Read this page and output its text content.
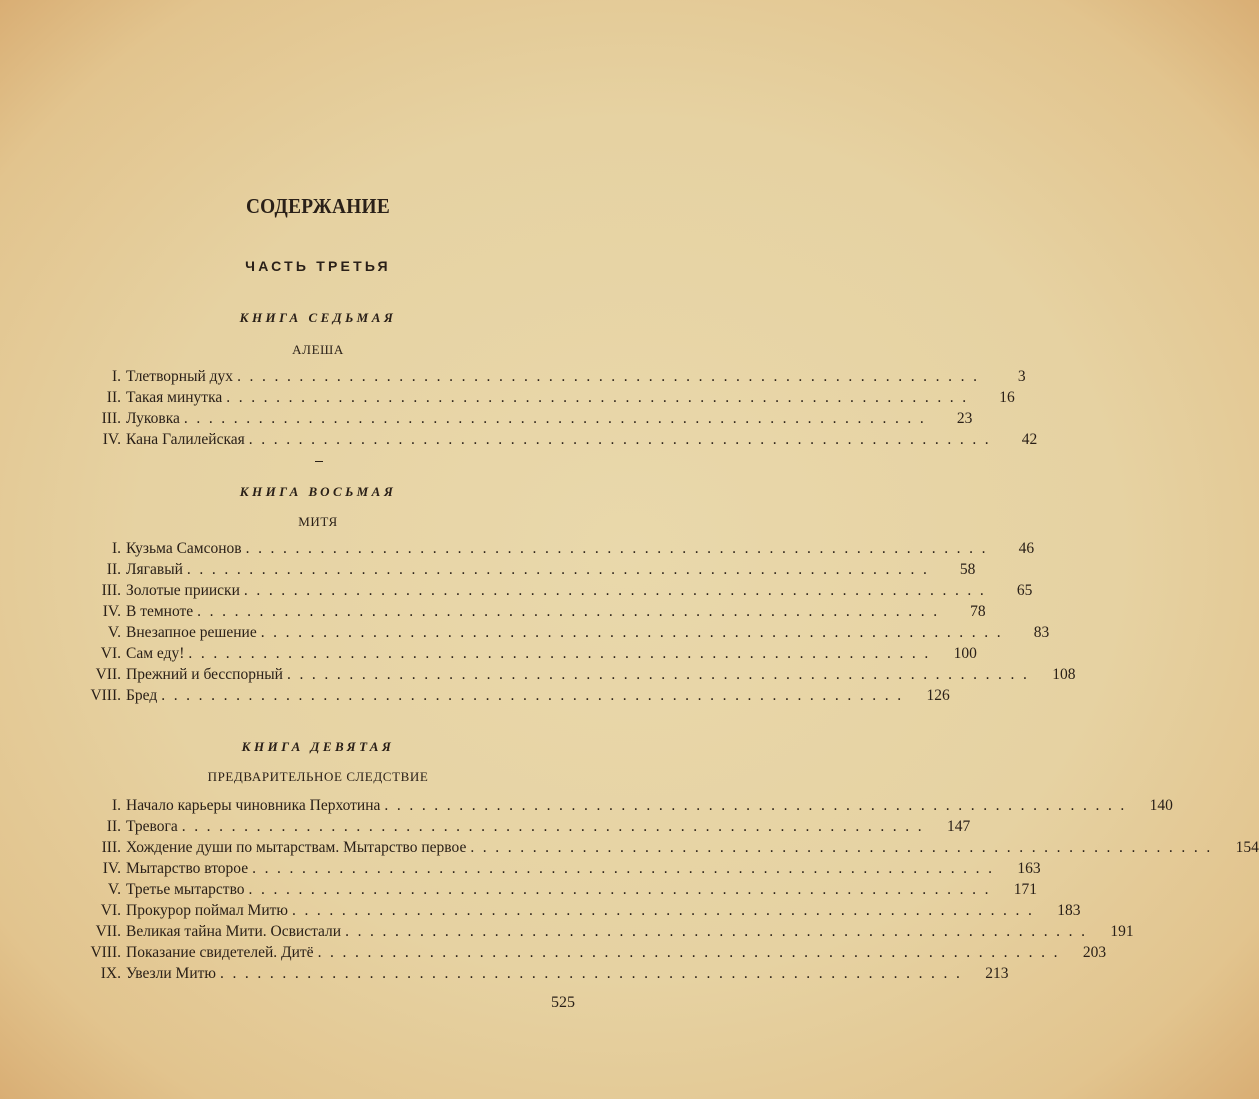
СОДЕРЖАНИЕ
ЧАСТЬ ТРЕТЬЯ
КНИГА СЕДЬМАЯ
АЛЕША
I. Тлетворный дух ............................................................	3
II. Такая минутка ............................................................	16
III. Луковка ............................................................	23
IV. Кана Галилейская ............................................................	42
КНИГА ВОСЬМАЯ
МИТЯ
I. Кузьма Самсонов ............................................................	46
II. Лягавый ............................................................	58
III. Золотые прииски ............................................................	65
IV. В темноте ............................................................	78
V. Внезапное решение ............................................................	83
VI. Сам еду! ............................................................	100
VII. Прежний и бесспорный ............................................................	108
VIII. Бред ............................................................	126
КНИГА ДЕВЯТАЯ
ПРЕДВАРИТЕЛЬНОЕ СЛЕДСТВИЕ
I. Начало карьеры чиновника Перхотина ............................................................	140
II. Тревога ............................................................	147
III. Хождение души по мытарствам. Мытарство первое ............................................................	154
IV. Мытарство второе ............................................................	163
V. Третье мытарство ............................................................	171
VI. Прокурор поймал Митю ............................................................	183
VII. Великая тайна Мити. Освистали ............................................................	191
VIII. Показание свидетелей. Дитё ............................................................	203
IX. Увезли Митю ............................................................	213
525
